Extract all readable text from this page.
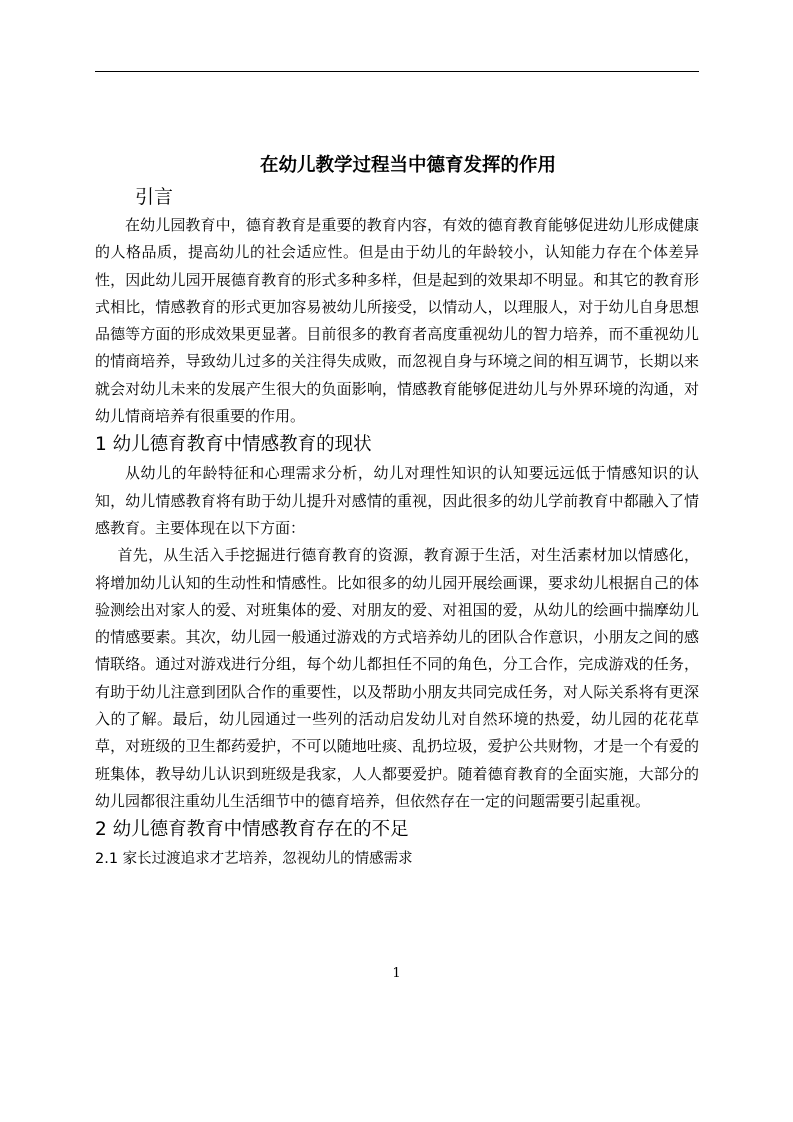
在幼儿教学过程当中德育发挥的作用
引言

在幼儿园教育中，德育教育是重要的教育内容，有效的德育教育能够促进幼儿形成健康的人格品质，提高幼儿的社会适应性。但是由于幼儿的年龄较小，认知能力存在个体差异性，因此幼儿园开展德育教育的形式多种多样，但是起到的效果却不明显。和其它的教育形式相比，情感教育的形式更加容易被幼儿所接受，以情动人，以理服人，对于幼儿自身思想品德等方面的形成效果更显著。目前很多的教育者高度重视幼儿的智力培养，而不重视幼儿的情商培养，导致幼儿过多的关注得失成败，而忽视自身与环境之间的相互调节，长期以来就会对幼儿未来的发展产生很大的负面影响，情感教育能够促进幼儿与外界环境的沟通，对幼儿情商培养有很重要的作用。

1 幼儿德育教育中情感教育的现状

从幼儿的年龄特征和心理需求分析，幼儿对理性知识的认知要远远低于情感知识的认知，幼儿情感教育将有助于幼儿提升对感情的重视，因此很多的幼儿学前教育中都融入了情感教育。主要体现在以下方面：

首先，从生活入手挖掘进行德育教育的资源，教育源于生活，对生活素材加以情感化，将增加幼儿认知的生动性和情感性。比如很多的幼儿园开展绘画课，要求幼儿根据自己的体验测绘出对家人的爱、对班集体的爱、对朋友的爱、对祖国的爱，从幼儿的绘画中揣摩幼儿的情感要素。其次，幼儿园一般通过游戏的方式培养幼儿的团队合作意识，小朋友之间的感情联络。通过对游戏进行分组，每个幼儿都担任不同的角色，分工合作，完成游戏的任务，有助于幼儿注意到团队合作的重要性，以及帮助小朋友共同完成任务，对人际关系将有更深入的了解。最后，幼儿园通过一些列的活动启发幼儿对自然环境的热爱，幼儿园的花花草草，对班级的卫生都药爱护，不可以随地吐痰、乱扔垃圾，爱护公共财物，才是一个有爱的班集体，教导幼儿认识到班级是我家，人人都要爱护。随着德育教育的全面实施，大部分的幼儿园都很注重幼儿生活细节中的德育培养，但依然存在一定的问题需要引起重视。

2 幼儿德育教育中情感教育存在的不足
2.1 家长过渡追求才艺培养，忽视幼儿的情感需求
1
